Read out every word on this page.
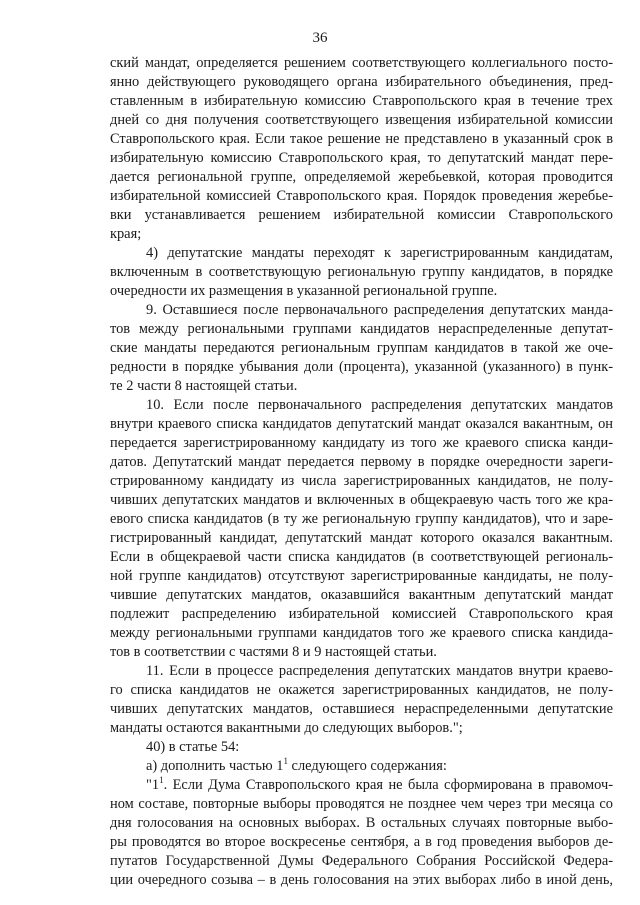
36

ский мандат, определяется решением соответствующего коллегиального посто-
янно действующего руководящего органа избирательного объединения, пред-
ставленным в избирательную комиссию Ставропольского края в течение трех
дней со дня получения соответствующего извещения избирательной комиссии
Ставропольского края. Если такое решение не представлено в указанный срок в
избирательную комиссию Ставропольского края, то депутатский мандат пере-
дается региональной группе, определяемой жеребьевкой, которая проводится
избирательной комиссией Ставропольского края. Порядок проведения жеребье-
вки устанавливается решением избирательной комиссии Ставропольского
края;

4) депутатские мандаты переходят к зарегистрированным кандидатам,
включенным в соответствующую региональную группу кандидатов, в порядке
очередности их размещения в указанной региональной группе.

9. Оставшиеся после первоначального распределения депутатских манда-
тов между региональными группами кандидатов нераспределенные депутат-
ские мандаты передаются региональным группам кандидатов в такой же оче-
редности в порядке убывания доли (процента), указанной (указанного) в пунк-
те 2 части 8 настоящей статьи.

10. Если после первоначального распределения депутатских мандатов
внутри краевого списка кандидатов депутатский мандат оказался вакантным, он
передается зарегистрированному кандидату из того же краевого списка канди-
датов. Депутатский мандат передается первому в порядке очередности зареги-
стрированному кандидату из числа зарегистрированных кандидатов, не полу-
чивших депутатских мандатов и включенных в общекраевую часть того же кра-
евого списка кандидатов (в ту же региональную группу кандидатов), что и заре-
гистрированный кандидат, депутатский мандат которого оказался вакантным.
Если в общекраевой части списка кандидатов (в соответствующей региональ-
ной группе кандидатов) отсутствуют зарегистрированные кандидаты, не полу-
чившие депутатских мандатов, оказавшийся вакантным депутатский мандат
подлежит распределению избирательной комиссией Ставропольского края
между региональными группами кандидатов того же краевого списка кандида-
тов в соответствии с частями 8 и 9 настоящей статьи.

11. Если в процессе распределения депутатских мандатов внутри краево-
го списка кандидатов не окажется зарегистрированных кандидатов, не полу-
чивших депутатских мандатов, оставшиеся нераспределенными депутатские
мандаты остаются вакантными до следующих выборов.";

40) в статье 54:

а) дополнить частью $1^1$ следующего содержания:

"$1^1$. Если Дума Ставропольского края не была сформирована в правомоч-
ном составе, повторные выборы проводятся не позднее чем через три месяца со
дня голосования на основных выборах. В остальных случаях повторные выбо-
ры проводятся во второе воскресенье сентября, а в год проведения выборов де-
путатов Государственной Думы Федерального Собрания Российской Федера-
ции очередного созыва – в день голосования на этих выборах либо в иной день,
